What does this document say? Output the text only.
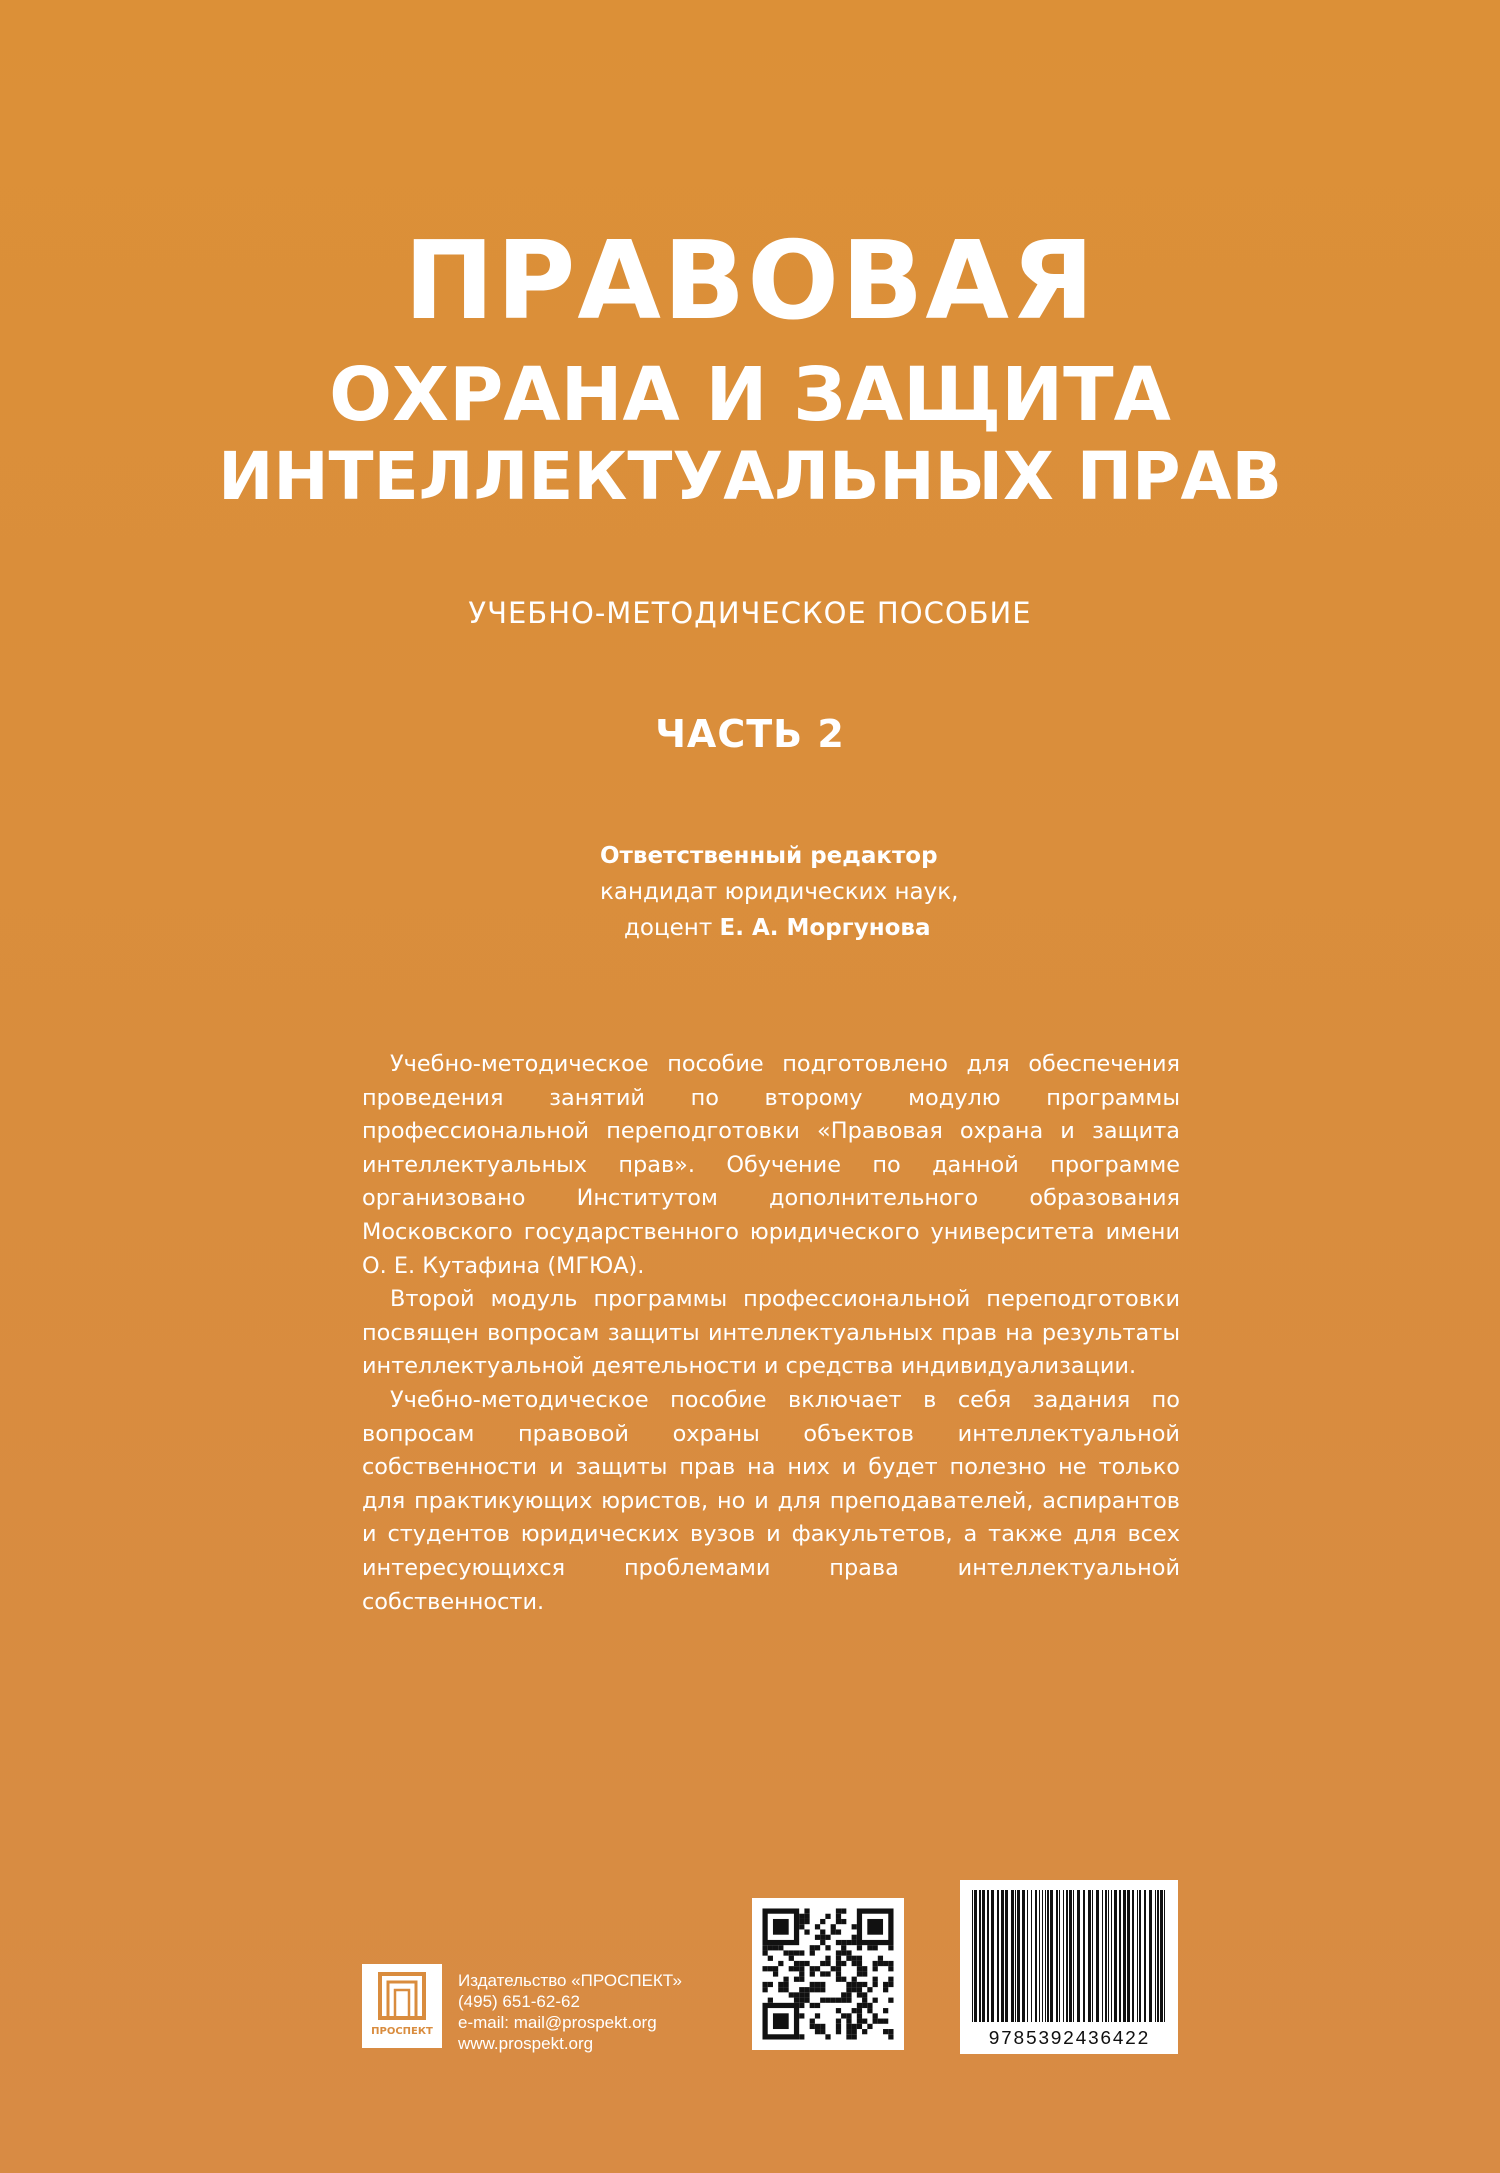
ПРАВОВАЯ
ОХРАНА И ЗАЩИТА
ИНТЕЛЛЕКТУАЛЬНЫХ ПРАВ
УЧЕБНО-МЕТОДИЧЕСКОЕ ПОСОБИЕ
ЧАСТЬ 2
Ответственный редактор
кандидат юридических наук,
доцент Е. А. Моргунова

Учебно-методическое пособие подготовлено для обеспечения проведения занятий по второму модулю программы профессиональной переподготовки «Правовая охрана и защита интеллектуальных прав». Обучение по данной программе организовано Институтом дополнительного образования Московского государственного юридического университета имени О. Е. Кутафина (МГЮА).

Второй модуль программы профессиональной переподготовки посвящен вопросам защиты интеллектуальных прав на результаты интеллектуальной деятельности и средства индивидуализации.

Учебно-методическое пособие включает в себя задания по вопросам правовой охраны объектов интеллектуальной собственности и защиты прав на них и будет полезно не только для практикующих юристов, но и для преподавателей, аспирантов и студентов юридических вузов и факультетов, а также для всех интересующихся проблемами права интеллектуальной собственности.

ПРОСПЕКТ
Издательство «ПРОСПЕКТ»
(495) 651-62-62
e-mail: mail@prospekt.org
www.prospekt.org	9785392436422
